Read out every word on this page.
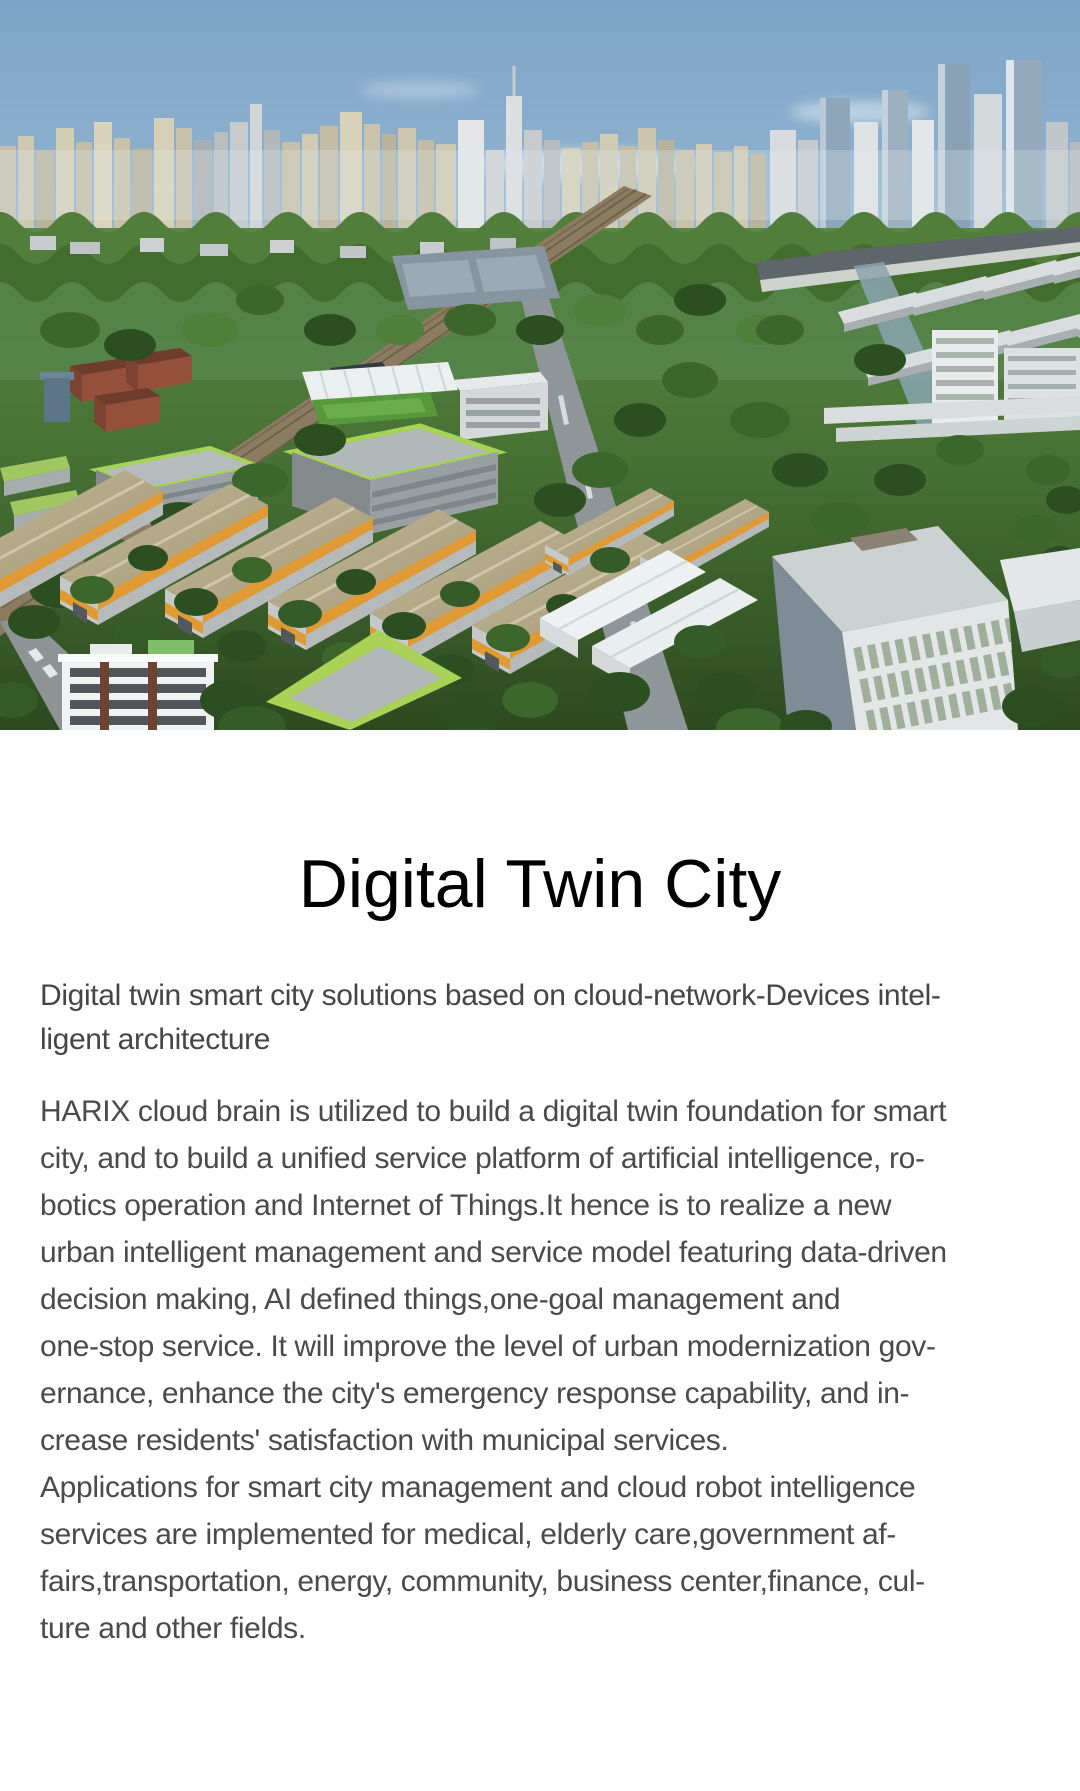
Digital Twin City

Digital twin smart city solutions based on cloud-network-Devices intel-
ligent architecture

HARIX cloud brain is utilized to build a digital twin foundation for smart
city, and to build a unified service platform of artificial intelligence, ro-
botics operation and Internet of Things.It hence is to realize a new
urban intelligent management and service model featuring data-driven
decision making, AI defined things,one-goal management and
one-stop service. It will improve the level of urban modernization gov-
ernance, enhance the city's emergency response capability, and in-
crease residents' satisfaction with municipal services.
Applications for smart city management and cloud robot intelligence
services are implemented for medical, elderly care,government af-
fairs,transportation, energy, community, business center,finance, cul-
ture and other fields.
